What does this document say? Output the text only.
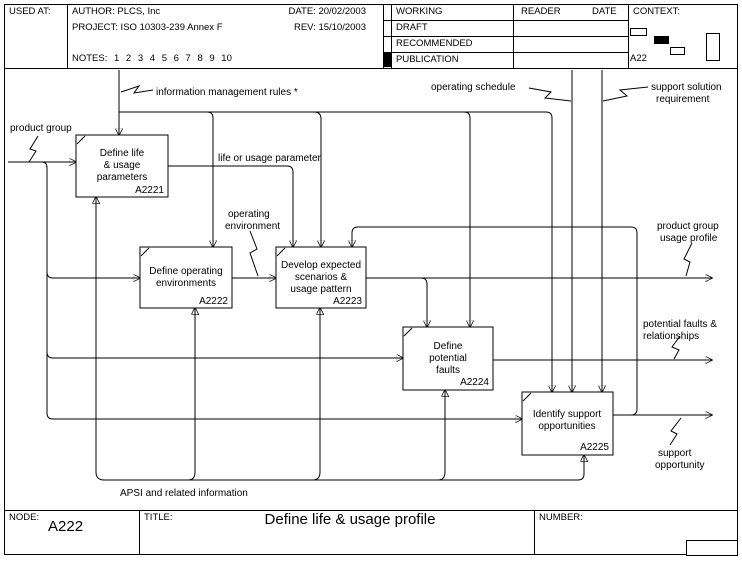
USED AT: AUTHOR: PLCS, Inc
PROJECT: ISO 10303-239 Annex F
DATE: 20/02/2003
REV: 15/10/2003
NOTES: 1 2 3 4 5 6 7 8 9 10
WORKING
DRAFT
RECOMMENDED
PUBLICATION
READER	DATE CONTEXT:
A22
NODE:
A222
TITLE:	Define life & usage profile	NUMBER:
Define life
& usage
parameters
A2221
Define operating
environments
A2222
Develop expected
scenarios &
usage pattern
A2223
Define
potential
faults
A2224
Identify support
opportunities
A2225
product group
information management rules *	operating schedule	support solution
requirement
life or usage parameter
operating
environment	product group
usage profile
potential faults &
relationships
support
opportunity
APSI and related information
